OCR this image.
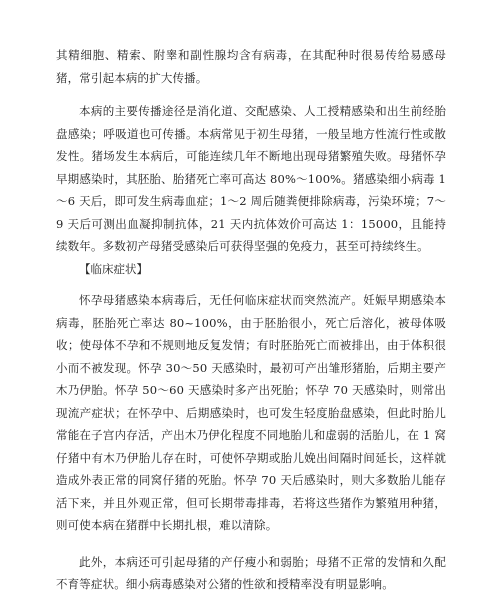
其精细胞、精索、附睾和副性腺均含有病毒，在其配种时很易传给易感母猪，常引起本病的扩大传播。

本病的主要传播途径是消化道、交配感染、人工授精感染和出生前经胎盘感染；呼吸道也可传播。本病常见于初生母猪，一般呈地方性流行性或散发性。猪场发生本病后，可能连续几年不断地出现母猪繁殖失败。母猪怀孕早期感染时，其胚胎、胎猪死亡率可高达 80%～100%。猪感染细小病毒 1～6 天后，即可发生病毒血症；1～2 周后随粪便排除病毒，污染环境；7～9 天后可测出血凝抑制抗体，21 天内抗体效价可高达 1：15000，且能持续数年。多数初产母猪受感染后可获得坚强的免疫力，甚至可持续终生。

【临床症状】

怀孕母猪感染本病毒后，无任何临床症状而突然流产。妊娠早期感染本病毒，胚胎死亡率达 80~100%，由于胚胎很小，死亡后溶化，被母体吸收；使母体不孕和不规则地反复发情；有时胚胎死亡而被排出，由于体积很小而不被发现。怀孕 30～50 天感染时，最初可产出雏形猪胎，后期主要产木乃伊胎。怀孕 50～60 天感染时多产出死胎；怀孕 70 天感染时，则常出现流产症状；在怀孕中、后期感染时，也可发生轻度胎盘感染，但此时胎儿常能在子宫内存活，产出木乃伊化程度不同地胎儿和虚弱的活胎儿，在 1 窝仔猪中有木乃伊胎儿存在时，可使怀孕期或胎儿娩出间隔时间延长，这样就造成外表正常的同窝仔猪的死胎。怀孕 70 天后感染时，则大多数胎儿能存活下来，并且外观正常，但可长期带毒排毒，若将这些猪作为繁殖用种猪，则可使本病在猪群中长期扎根，难以清除。

此外，本病还可引起母猪的产仔瘦小和弱胎；母猪不正常的发情和久配不育等症状。细小病毒感染对公猪的性欲和授精率没有明显影响。
